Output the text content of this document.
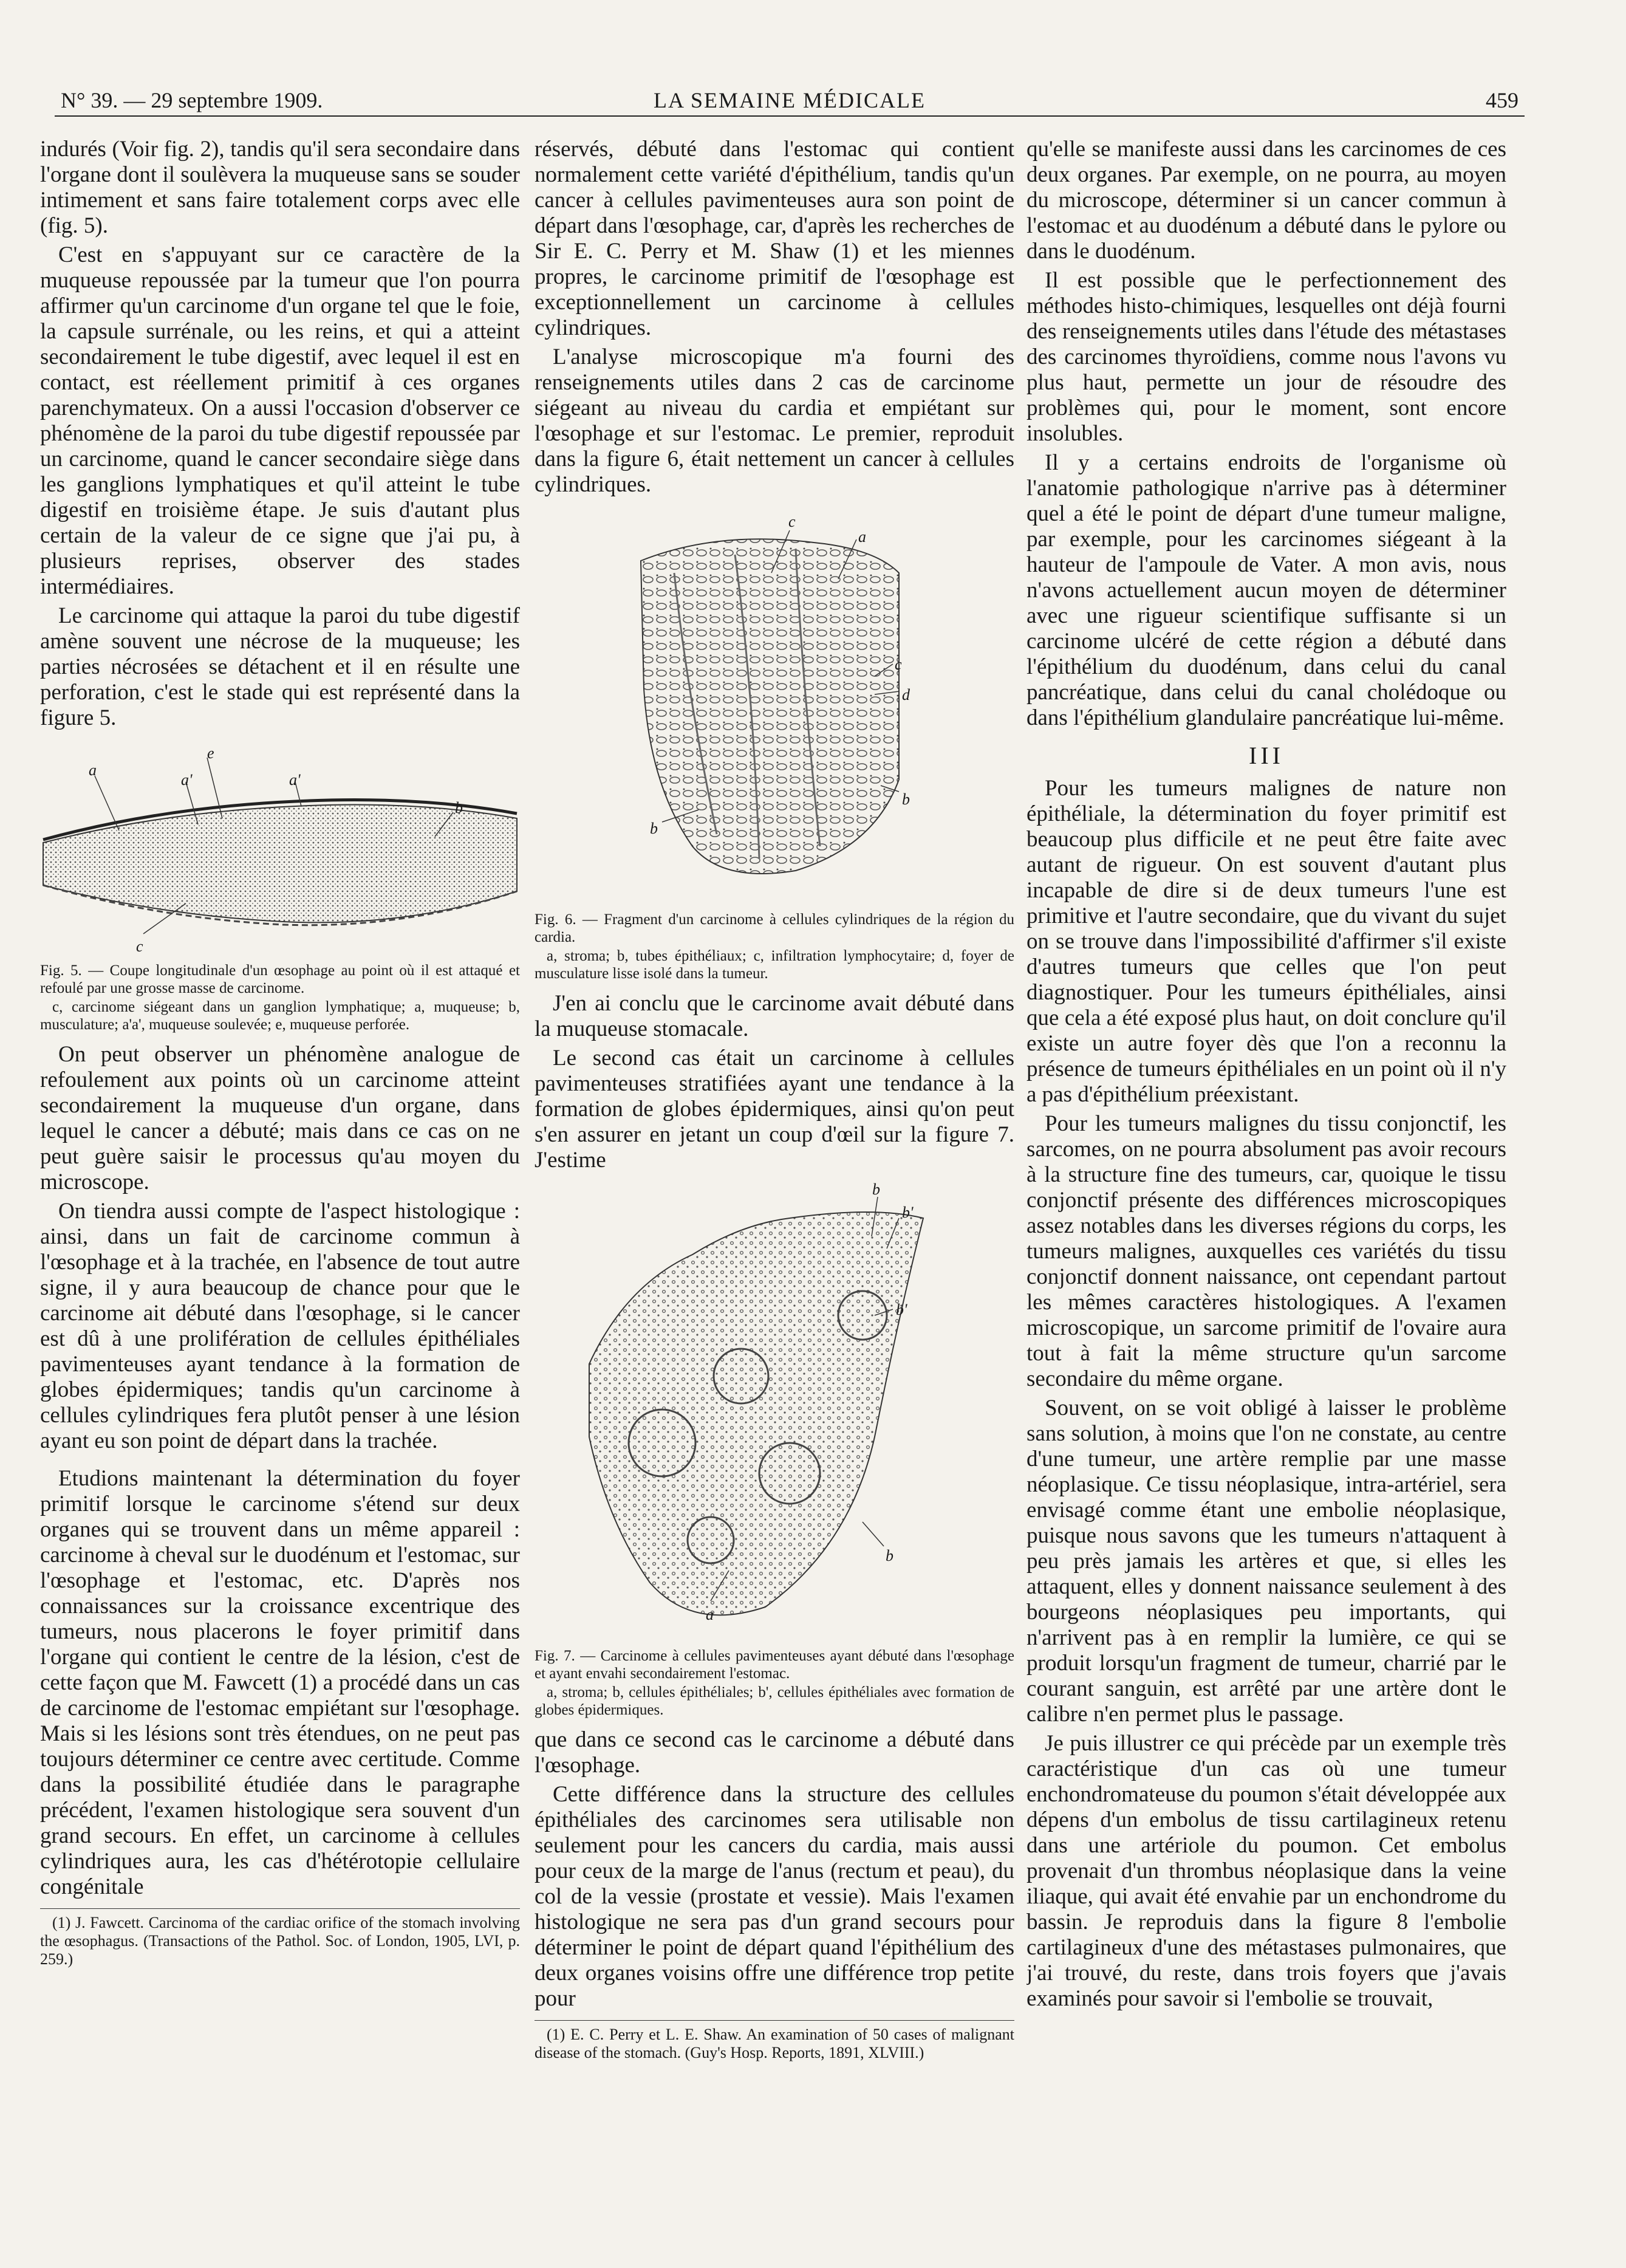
N° 39. — 29 septembre 1909.	LA SEMAINE MÉDICALE	459

indurés (Voir fig. 2), tandis qu'il sera secondaire dans l'organe dont il soulèvera la muqueuse sans se souder intimement et sans faire totalement corps avec elle (fig. 5).

C'est en s'appuyant sur ce caractère de la muqueuse repoussée par la tumeur que l'on pourra affirmer qu'un carcinome d'un organe tel que le foie, la capsule surrénale, ou les reins, et qui a atteint secondairement le tube digestif, avec lequel il est en contact, est réellement primitif à ces organes parenchymateux. On a aussi l'occasion d'observer ce phénomène de la paroi du tube digestif repoussée par un carcinome, quand le cancer secondaire siège dans les ganglions lymphatiques et qu'il atteint le tube digestif en troisième étape. Je suis d'autant plus certain de la valeur de ce signe que j'ai pu, à plusieurs reprises, observer des stades intermédiaires.

Le carcinome qui attaque la paroi du tube digestif amène souvent une nécrose de la muqueuse; les parties nécrosées se détachent et il en résulte une perforation, c'est le stade qui est représenté dans la figure 5.

e
a
a'	a'
b
c

Fig. 5. — Coupe longitudinale d'un œsophage au point où il est attaqué et refoulé par une grosse masse de carcinome.

c, carcinome siégeant dans un ganglion lymphatique; a, muqueuse; b, musculature; a'a', muqueuse soulevée; e, muqueuse perforée.

On peut observer un phénomène analogue de refoulement aux points où un carcinome atteint secondairement la muqueuse d'un organe, dans lequel le cancer a débuté; mais dans ce cas on ne peut guère saisir le processus qu'au moyen du microscope.

On tiendra aussi compte de l'aspect histologique : ainsi, dans un fait de carcinome commun à l'œsophage et à la trachée, en l'absence de tout autre signe, il y aura beaucoup de chance pour que le carcinome ait débuté dans l'œsophage, si le cancer est dû à une prolifération de cellules épithéliales pavimenteuses ayant tendance à la formation de globes épidermiques; tandis qu'un carcinome à cellules cylindriques fera plutôt penser à une lésion ayant eu son point de départ dans la trachée.

Etudions maintenant la détermination du foyer primitif lorsque le carcinome s'étend sur deux organes qui se trouvent dans un même appareil : carcinome à cheval sur le duodénum et l'estomac, sur l'œsophage et l'estomac, etc. D'après nos connaissances sur la croissance excentrique des tumeurs, nous placerons le foyer primitif dans l'organe qui contient le centre de la lésion, c'est de cette façon que M. Fawcett (1) a procédé dans un cas de carcinome de l'estomac empiétant sur l'œsophage. Mais si les lésions sont très étendues, on ne peut pas toujours déterminer ce centre avec certitude. Comme dans la possibilité étudiée dans le paragraphe précédent, l'examen histologique sera souvent d'un grand secours. En effet, un carcinome à cellules cylindriques aura, les cas d'hétérotopie cellulaire congénitale

(1) J. Fawcett. Carcinoma of the cardiac orifice of the stomach involving the œsophagus. (Transactions of the Pathol. Soc. of London, 1905, LVI, p. 259.)

réservés, débuté dans l'estomac qui contient normalement cette variété d'épithélium, tandis qu'un cancer à cellules pavimenteuses aura son point de départ dans l'œsophage, car, d'après les recherches de Sir E. C. Perry et M. Shaw (1) et les miennes propres, le carcinome primitif de l'œsophage est exceptionnellement un carcinome à cellules cylindriques.

L'analyse microscopique m'a fourni des renseignements utiles dans 2 cas de carcinome siégeant au niveau du cardia et empiétant sur l'œsophage et sur l'estomac. Le premier, reproduit dans la figure 6, était nettement un cancer à cellules cylindriques.

c
a
c
d
b
b

Fig. 6. — Fragment d'un carcinome à cellules cylindriques de la région du cardia.

a, stroma; b, tubes épithéliaux; c, infiltration lymphocytaire; d, foyer de musculature lisse isolé dans la tumeur.

J'en ai conclu que le carcinome avait débuté dans la muqueuse stomacale.

Le second cas était un carcinome à cellules pavimenteuses stratifiées ayant une tendance à la formation de globes épidermiques, ainsi qu'on peut s'en assurer en jetant un coup d'œil sur la figure 7. J'estime

b
b'
b'
b
a

Fig. 7. — Carcinome à cellules pavimenteuses ayant débuté dans l'œsophage et ayant envahi secondairement l'estomac.

a, stroma; b, cellules épithéliales; b', cellules épithéliales avec formation de globes épidermiques.

que dans ce second cas le carcinome a débuté dans l'œsophage.

Cette différence dans la structure des cellules épithéliales des carcinomes sera utilisable non seulement pour les cancers du cardia, mais aussi pour ceux de la marge de l'anus (rectum et peau), du col de la vessie (prostate et vessie). Mais l'examen histologique ne sera pas d'un grand secours pour déterminer le point de départ quand l'épithélium des deux organes voisins offre une différence trop petite pour

(1) E. C. Perry et L. E. Shaw. An examination of 50 cases of malignant disease of the stomach. (Guy's Hosp. Reports, 1891, XLVIII.)

qu'elle se manifeste aussi dans les carcinomes de ces deux organes. Par exemple, on ne pourra, au moyen du microscope, déterminer si un cancer commun à l'estomac et au duodénum a débuté dans le pylore ou dans le duodénum.

Il est possible que le perfectionnement des méthodes histo-chimiques, lesquelles ont déjà fourni des renseignements utiles dans l'étude des métastases des carcinomes thyroïdiens, comme nous l'avons vu plus haut, permette un jour de résoudre des problèmes qui, pour le moment, sont encore insolubles.

Il y a certains endroits de l'organisme où l'anatomie pathologique n'arrive pas à déterminer quel a été le point de départ d'une tumeur maligne, par exemple, pour les carcinomes siégeant à la hauteur de l'ampoule de Vater. A mon avis, nous n'avons actuellement aucun moyen de déterminer avec une rigueur scientifique suffisante si un carcinome ulcéré de cette région a débuté dans l'épithélium du duodénum, dans celui du canal pancréatique, dans celui du canal cholédoque ou dans l'épithélium glandulaire pancréatique lui-même.

III

Pour les tumeurs malignes de nature non épithéliale, la détermination du foyer primitif est beaucoup plus difficile et ne peut être faite avec autant de rigueur. On est souvent d'autant plus incapable de dire si de deux tumeurs l'une est primitive et l'autre secondaire, que du vivant du sujet on se trouve dans l'impossibilité d'affirmer s'il existe d'autres tumeurs que celles que l'on peut diagnostiquer. Pour les tumeurs épithéliales, ainsi que cela a été exposé plus haut, on doit conclure qu'il existe un autre foyer dès que l'on a reconnu la présence de tumeurs épithéliales en un point où il n'y a pas d'épithélium préexistant.

Pour les tumeurs malignes du tissu conjonctif, les sarcomes, on ne pourra absolument pas avoir recours à la structure fine des tumeurs, car, quoique le tissu conjonctif présente des différences microscopiques assez notables dans les diverses régions du corps, les tumeurs malignes, auxquelles ces variétés du tissu conjonctif donnent naissance, ont cependant partout les mêmes caractères histologiques. A l'examen microscopique, un sarcome primitif de l'ovaire aura tout à fait la même structure qu'un sarcome secondaire du même organe.

Souvent, on se voit obligé à laisser le problème sans solution, à moins que l'on ne constate, au centre d'une tumeur, une artère remplie par une masse néoplasique. Ce tissu néoplasique, intra-artériel, sera envisagé comme étant une embolie néoplasique, puisque nous savons que les tumeurs n'attaquent à peu près jamais les artères et que, si elles les attaquent, elles y donnent naissance seulement à des bourgeons néoplasiques peu importants, qui n'arrivent pas à en remplir la lumière, ce qui se produit lorsqu'un fragment de tumeur, charrié par le courant sanguin, est arrêté par une artère dont le calibre n'en permet plus le passage.

Je puis illustrer ce qui précède par un exemple très caractéristique d'un cas où une tumeur enchondromateuse du poumon s'était développée aux dépens d'un embolus de tissu cartilagineux retenu dans une artériole du poumon. Cet embolus provenait d'un thrombus néoplasique dans la veine iliaque, qui avait été envahie par un enchondrome du bassin. Je reproduis dans la figure 8 l'embolie cartilagineux d'une des métastases pulmonaires, que j'ai trouvé, du reste, dans trois foyers que j'avais examinés pour savoir si l'embolie se trouvait,
